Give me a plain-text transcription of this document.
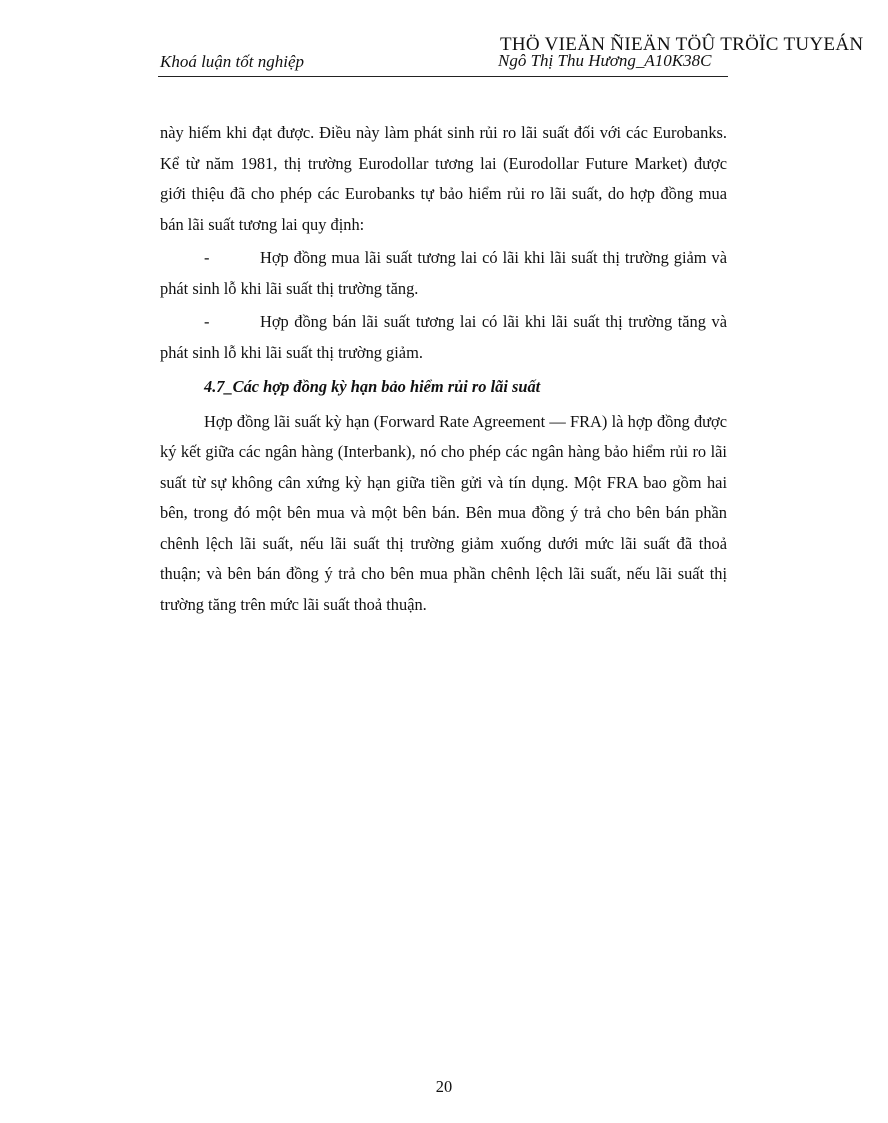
THÖ VIEÄN ÑIEÄN TÖÛ TRÖÏC TUYEÁN
Khoá luận tốt nghiệp	Ngô Thị Thu Hương_A10K38C

này hiếm khi đạt được. Điều này làm phát sinh rủi ro lãi suất đối với các Eurobanks. Kể từ năm 1981, thị trường Eurodollar tương lai (Eurodollar Future Market) được giới thiệu đã cho phép các Eurobanks tự bảo hiểm rủi ro lãi suất, do hợp đồng mua bán lãi suất tương lai quy định:

-	Hợp đồng mua lãi suất tương lai có lãi khi lãi suất thị trường giảm và phát sinh lỗ khi lãi suất thị trường tăng.

-	Hợp đồng bán lãi suất tương lai có lãi khi lãi suất thị trường tăng và phát sinh lỗ khi lãi suất thị trường giảm.

4.7_Các hợp đồng kỳ hạn bảo hiểm rủi ro lãi suất

Hợp đồng lãi suất kỳ hạn (Forward Rate Agreement — FRA) là hợp đồng được ký kết giữa các ngân hàng (Interbank), nó cho phép các ngân hàng bảo hiểm rủi ro lãi suất từ sự không cân xứng kỳ hạn giữa tiền gửi và tín dụng. Một FRA bao gồm hai bên, trong đó một bên mua và một bên bán. Bên mua đồng ý trả cho bên bán phần chênh lệch lãi suất, nếu lãi suất thị trường giảm xuống dưới mức lãi suất đã thoả thuận; và bên bán đồng ý trả cho bên mua phần chênh lệch lãi suất, nếu lãi suất thị trường tăng trên mức lãi suất thoả thuận.

20
